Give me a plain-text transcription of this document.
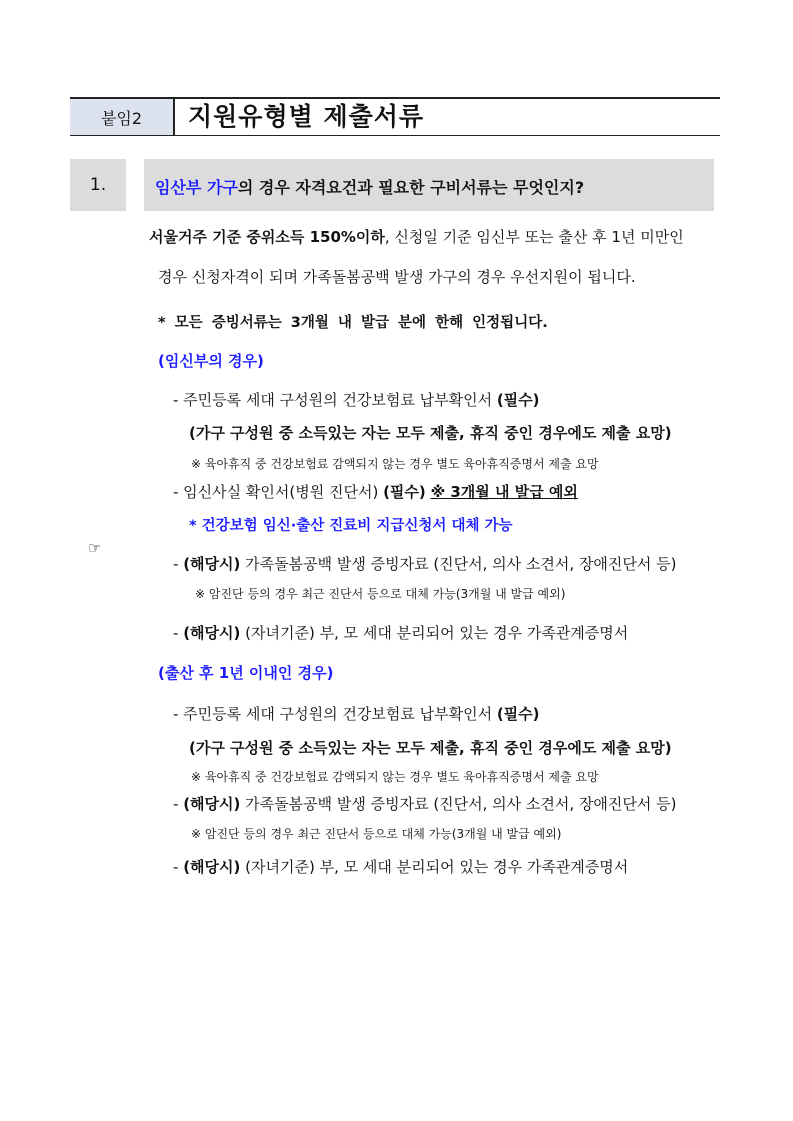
붙임2	지원유형별 제출서류
1.	임산부 가구의 경우 자격요건과 필요한 구비서류는 무엇인지?
서울거주 기준 중위소득 150%이하, 신청일 기준 임신부 또는 출산 후 1년 미만인
경우 신청자격이 되며 가족돌봄공백 발생 가구의 경우 우선지원이 됩니다.
* 모든 증빙서류는 3개월 내 발급 분에 한해 인정됩니다.
(임신부의 경우)
- 주민등록 세대 구성원의 건강보험료 납부확인서 (필수)
(가구 구성원 중 소득있는 자는 모두 제출, 휴직 중인 경우에도 제출 요망)
※ 육아휴직 중 건강보험료 감액되지 않는 경우 별도 육아휴직증명서 제출 요망
- 임신사실 확인서(병원 진단서) (필수) ※ 3개월 내 발급 예외
* 건강보험 임신·출산 진료비 지급신청서 대체 가능
☞
- (해당시) 가족돌봄공백 발생 증빙자료 (진단서, 의사 소견서, 장애진단서 등)
※ 암진단 등의 경우 최근 진단서 등으로 대체 가능(3개월 내 발급 예외)
- (해당시) (자녀기준) 부, 모 세대 분리되어 있는 경우 가족관계증명서
(출산 후 1년 이내인 경우)
- 주민등록 세대 구성원의 건강보험료 납부확인서 (필수)
(가구 구성원 중 소득있는 자는 모두 제출, 휴직 중인 경우에도 제출 요망)
※ 육아휴직 중 건강보험료 감액되지 않는 경우 별도 육아휴직증명서 제출 요망
- (해당시) 가족돌봄공백 발생 증빙자료 (진단서, 의사 소견서, 장애진단서 등)
※ 암진단 등의 경우 최근 진단서 등으로 대체 가능(3개월 내 발급 예외)
- (해당시) (자녀기준) 부, 모 세대 분리되어 있는 경우 가족관계증명서
